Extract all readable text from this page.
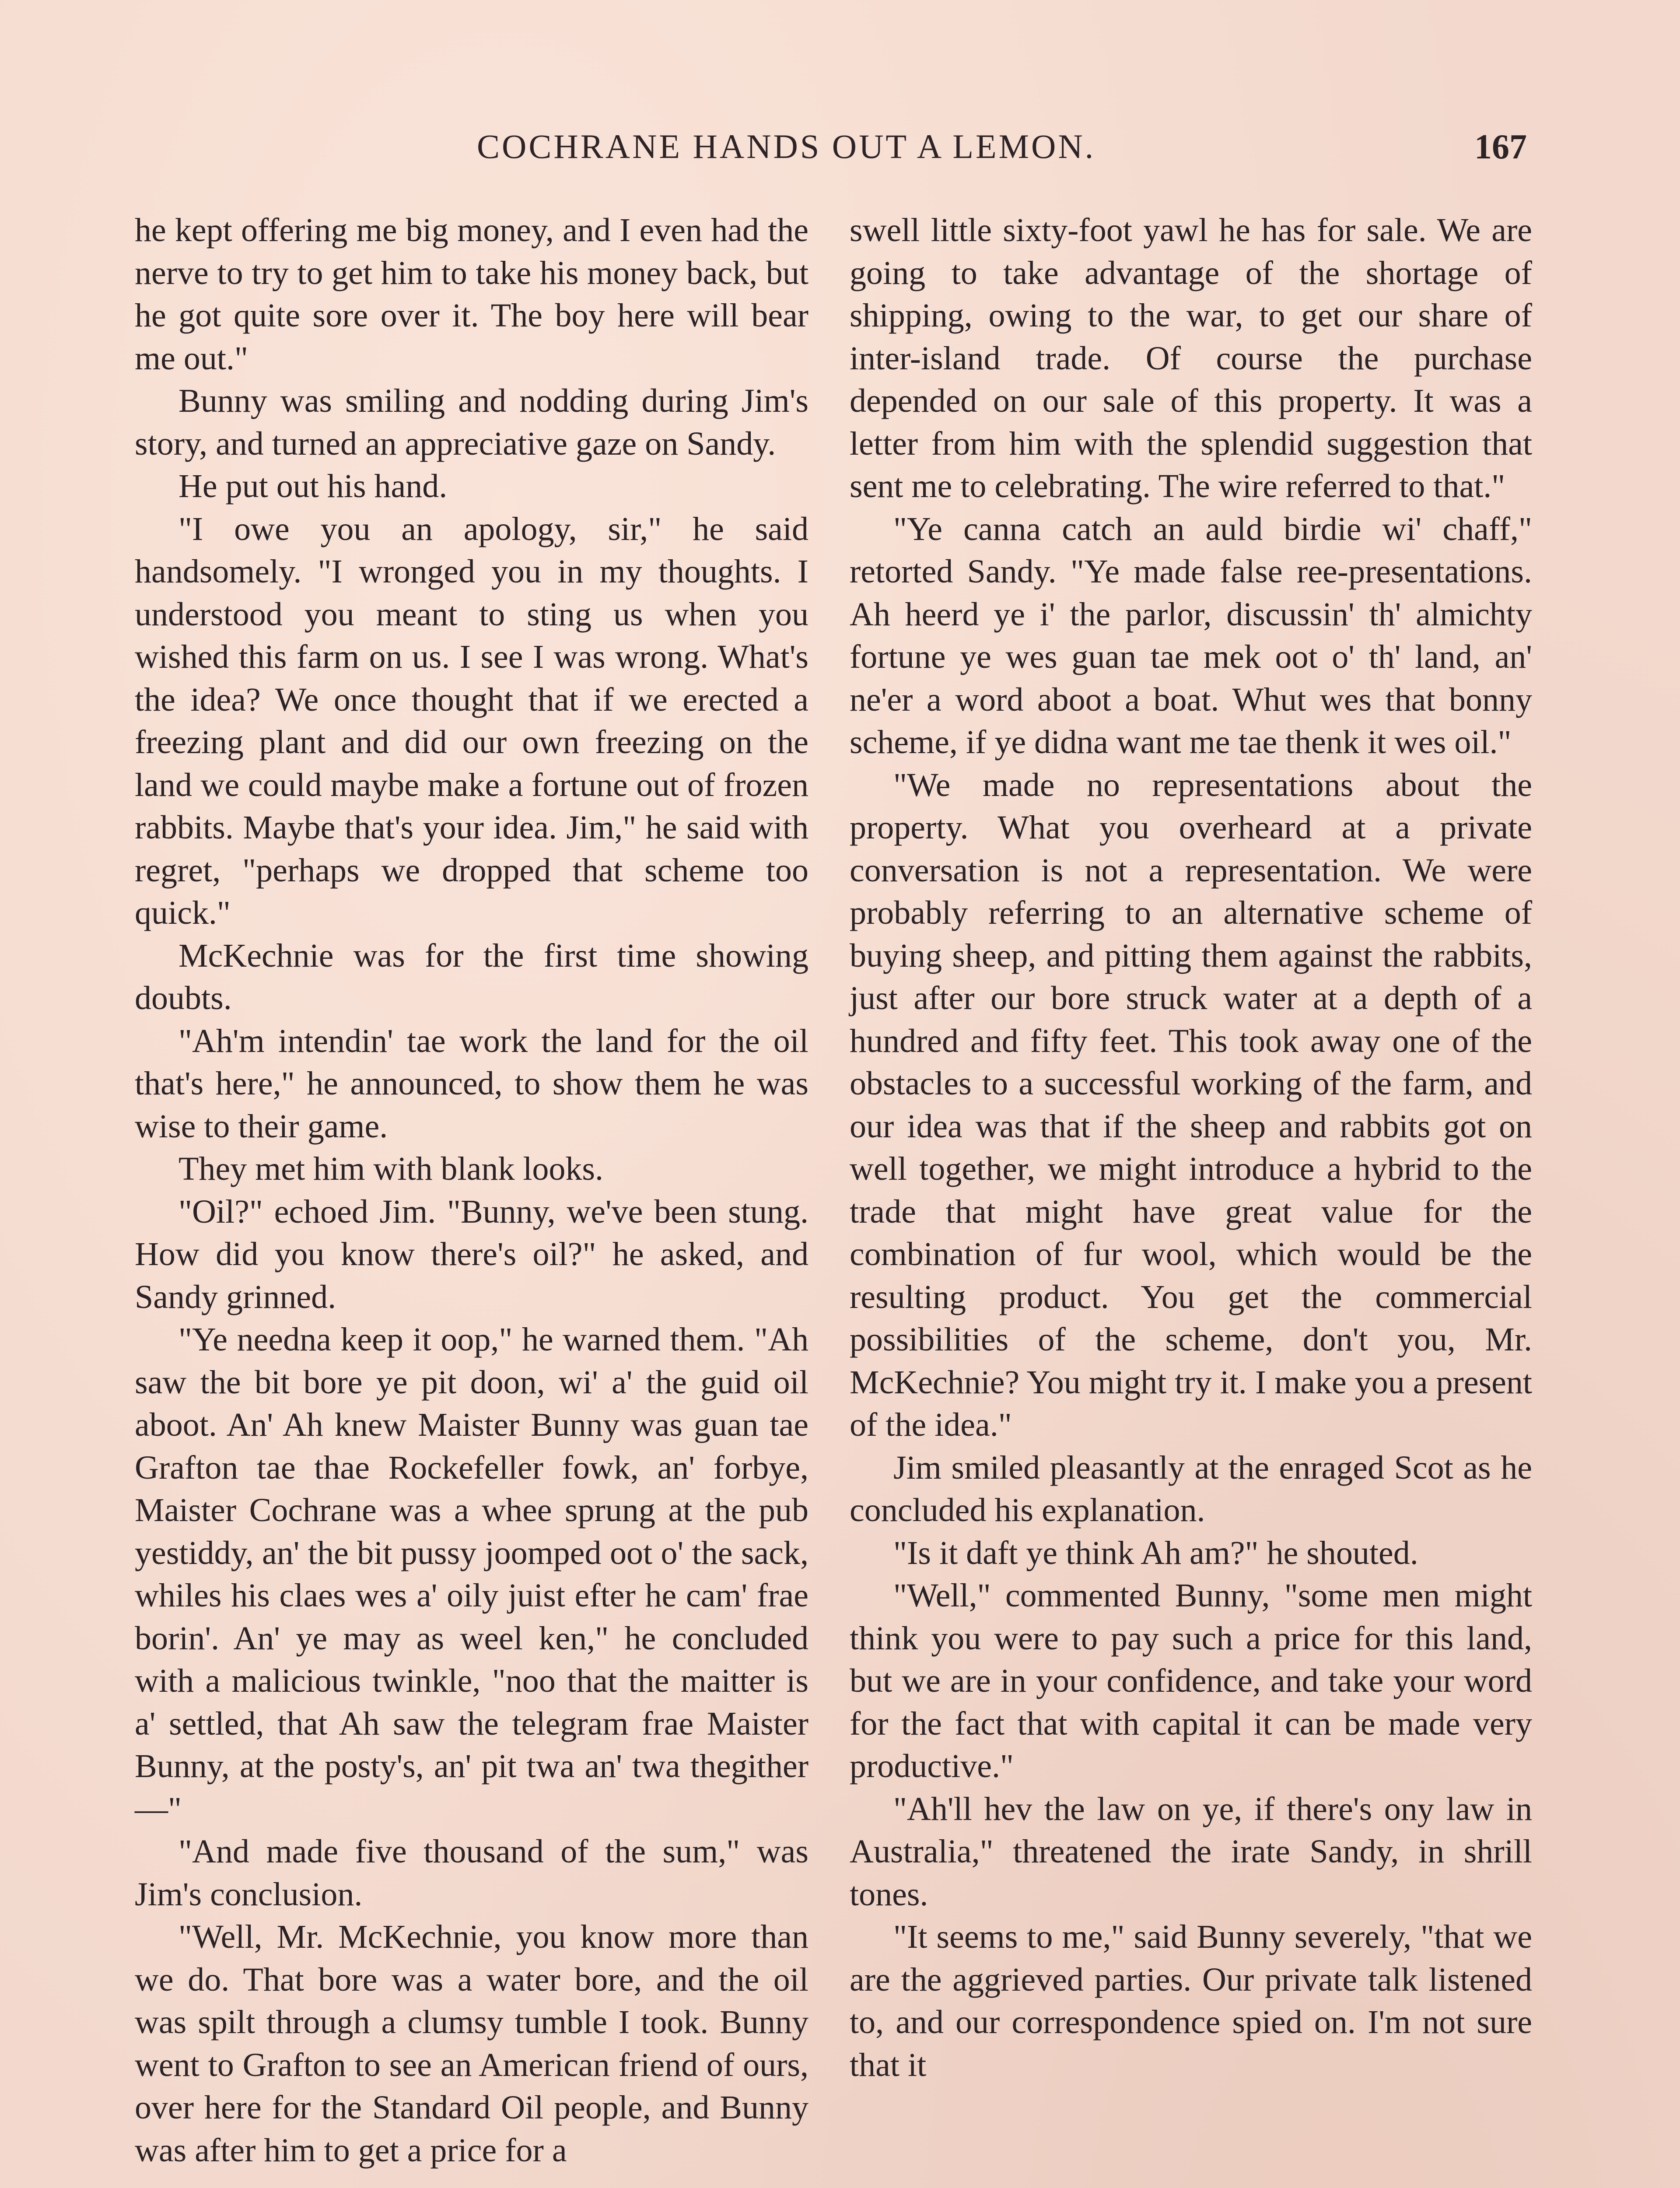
COCHRANE HANDS OUT A LEMON.	167

he kept offering me big money, and I even had the nerve to try to get him to take his money back, but he got quite sore over it. The boy here will bear me out."

Bunny was smiling and nodding during Jim's story, and turned an appreciative gaze on Sandy.

He put out his hand.

"I owe you an apology, sir," he said handsomely. "I wronged you in my thoughts. I understood you meant to sting us when you wished this farm on us. I see I was wrong. What's the idea? We once thought that if we erected a freezing plant and did our own freezing on the land we could maybe make a fortune out of frozen rabbits. Maybe that's your idea. Jim," he said with regret, "perhaps we dropped that scheme too quick."

McKechnie was for the first time showing doubts.

"Ah'm intendin' tae work the land for the oil that's here," he announced, to show them he was wise to their game.

They met him with blank looks.

"Oil?" echoed Jim. "Bunny, we've been stung. How did you know there's oil?" he asked, and Sandy grinned.

"Ye needna keep it oop," he warned them. "Ah saw the bit bore ye pit doon, wi' a' the guid oil aboot. An' Ah knew Maister Bunny was guan tae Grafton tae thae Rockefeller fowk, an' forbye, Maister Cochrane was a whee sprung at the pub yestiddy, an' the bit pussy joomped oot o' the sack, whiles his claes wes a' oily juist efter he cam' frae borin'. An' ye may as weel ken," he concluded with a malicious twinkle, "noo that the maitter is a' settled, that Ah saw the telegram frae Maister Bunny, at the posty's, an' pit twa an' twa thegither—"

"And made five thousand of the sum," was Jim's conclusion.

"Well, Mr. McKechnie, you know more than we do. That bore was a water bore, and the oil was spilt through a clumsy tumble I took. Bunny went to Grafton to see an American friend of ours, over here for the Standard Oil people, and Bunny was after him to get a price for a

swell little sixty-foot yawl he has for sale. We are going to take advantage of the shortage of shipping, owing to the war, to get our share of inter-island trade. Of course the purchase depended on our sale of this property. It was a letter from him with the splendid suggestion that sent me to celebrating. The wire referred to that."

"Ye canna catch an auld birdie wi' chaff," retorted Sandy. "Ye made false ree-presentations. Ah heerd ye i' the parlor, discussin' th' almichty fortune ye wes guan tae mek oot o' th' land, an' ne'er a word aboot a boat. Whut wes that bonny scheme, if ye didna want me tae thenk it wes oil."

"We made no representations about the property. What you overheard at a private conversation is not a representation. We were probably referring to an alternative scheme of buying sheep, and pitting them against the rabbits, just after our bore struck water at a depth of a hundred and fifty feet. This took away one of the obstacles to a successful working of the farm, and our idea was that if the sheep and rabbits got on well together, we might introduce a hybrid to the trade that might have great value for the combination of fur wool, which would be the resulting product. You get the commercial possibilities of the scheme, don't you, Mr. McKechnie? You might try it. I make you a present of the idea."

Jim smiled pleasantly at the enraged Scot as he concluded his explanation.

"Is it daft ye think Ah am?" he shouted.

"Well," commented Bunny, "some men might think you were to pay such a price for this land, but we are in your confidence, and take your word for the fact that with capital it can be made very productive."

"Ah'll hev the law on ye, if there's ony law in Australia," threatened the irate Sandy, in shrill tones.

"It seems to me," said Bunny severely, "that we are the aggrieved parties. Our private talk listened to, and our correspondence spied on. I'm not sure that it
